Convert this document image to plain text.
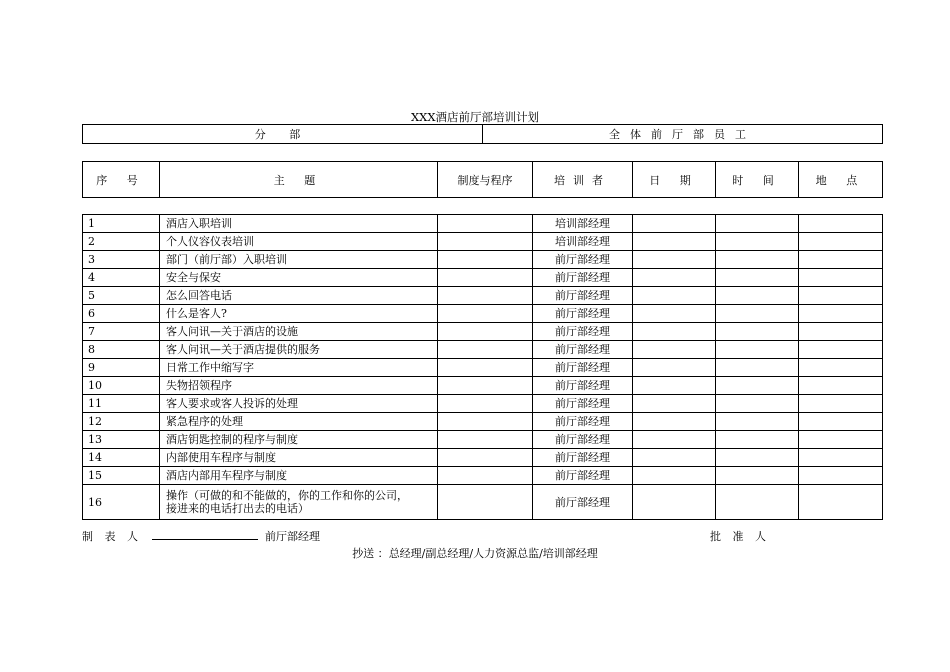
XXX酒店前厅部培训计划
分 部	全体前厅部员工
序 号	主 题	制度与程序	培训者	日 期	时 间	地 点
1	酒店入职培训		培训部经理			
2	个人仪容仪表培训		培训部经理			
3	部门（前厅部）入职培训		前厅部经理			
4	安全与保安		前厅部经理			
5	怎么回答电话		前厅部经理			
6	什么是客人?		前厅部经理			
7	客人问讯—关于酒店的设施		前厅部经理			
8	客人问讯—关于酒店提供的服务		前厅部经理			
9	日常工作中缩写字		前厅部经理			
10	失物招领程序		前厅部经理			
11	客人要求或客人投诉的处理		前厅部经理			
12	紧急程序的处理		前厅部经理			
13	酒店钥匙控制的程序与制度		前厅部经理			
14	内部使用车程序与制度		前厅部经理			
15	酒店内部用车程序与制度		前厅部经理			
16	操作（可做的和不能做的，你的工作和你的公司，
接进来的电话打出去的电话）		前厅部经理			
制 表 人	前厅部经理	批 准 人
抄送 ：总经理/副总经理/人力资源总监/培训部经理
